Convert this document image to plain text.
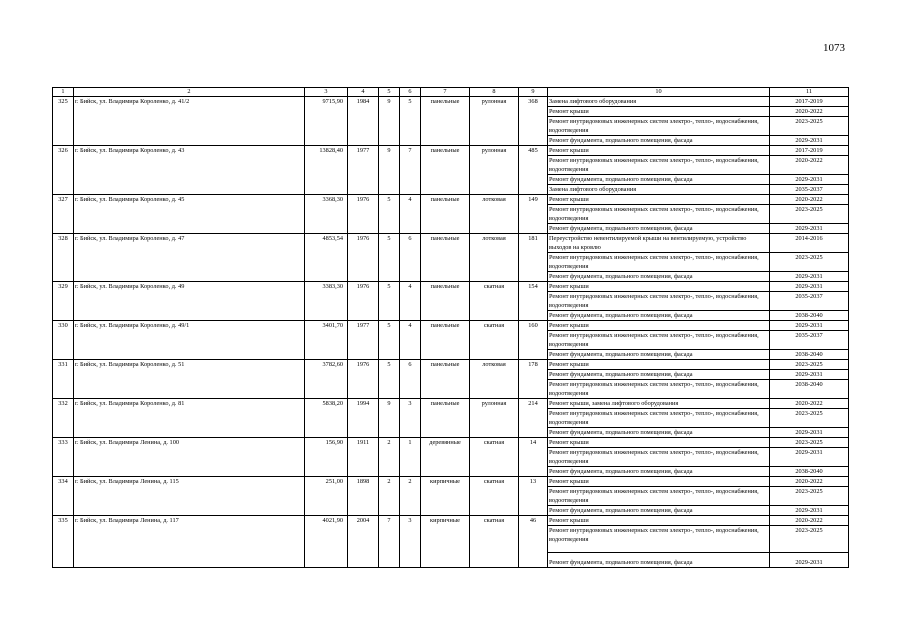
1073
1	2	3	4	5	6	7	8	9	10	11
325	г. Бийск, ул. Владимира Короленко, д. 41/2	9715,90	1984	9	5	панельные	рулонная	368	Замена лифтового оборудования	2017-2019
									Ремонт крыши	2020-2022
									Ремонт внутридомовых инженерных систем электро-, тепло-, водоснабжения, водоотведения	2023-2025
									Ремонт фундамента, подвального помещения, фасада	2029-2031
326	г. Бийск, ул. Владимира Короленко, д. 43	13828,40	1977	9	7	панельные	рулонная	485	Ремонт крыши	2017-2019
									Ремонт внутридомовых инженерных систем электро-, тепло-, водоснабжения, водоотведения	2020-2022
									Ремонт фундамента, подвального помещения, фасада	2029-2031
									Замена лифтового оборудования	2035-2037
327	г. Бийск, ул. Владимира Короленко, д. 45	3368,30	1976	5	4	панельные	лотковая	149	Ремонт крыши	2020-2022
									Ремонт внутридомовых инженерных систем электро-, тепло-, водоснабжения, водоотведения	2023-2025
									Ремонт фундамента, подвального помещения, фасада	2029-2031
328	г. Бийск, ул. Владимира Короленко, д. 47	4853,54	1976	5	6	панельные	лотковая	181	Переустройство невентилируемой крыши на вентилируемую, устройство выходов на кровлю	2014-2016
									Ремонт внутридомовых инженерных систем электро-, тепло-, водоснабжения, водоотведения	2023-2025
									Ремонт фундамента, подвального помещения, фасада	2029-2031
329	г. Бийск, ул. Владимира Короленко, д. 49	3383,30	1976	5	4	панельные	скатная	154	Ремонт крыши	2029-2031
									Ремонт внутридомовых инженерных систем электро-, тепло-, водоснабжения, водоотведения	2035-2037
									Ремонт фундамента, подвального помещения, фасада	2038-2040
330	г. Бийск, ул. Владимира Короленко, д. 49/1	3401,70	1977	5	4	панельные	скатная	160	Ремонт крыши	2029-2031
									Ремонт внутридомовых инженерных систем электро-, тепло-, водоснабжения, водоотведения	2035-2037
									Ремонт фундамента, подвального помещения, фасада	2038-2040
331	г. Бийск, ул. Владимира Короленко, д. 51	3782,60	1976	5	6	панельные	лотковая	178	Ремонт крыши	2023-2025
									Ремонт фундамента, подвального помещения, фасада	2029-2031
									Ремонт внутридомовых инженерных систем электро-, тепло-, водоснабжения, водоотведения	2038-2040
332	г. Бийск, ул. Владимира Короленко, д. 81	5838,20	1994	9	3	панельные	рулонная	214	Ремонт крыши, замена лифтового оборудования	2020-2022
									Ремонт внутридомовых инженерных систем электро-, тепло-, водоснабжения, водоотведения	2023-2025
									Ремонт фундамента, подвального помещения, фасада	2029-2031
333	г. Бийск, ул. Владимира Ленина, д. 100	156,90	1911	2	1	деревянные	скатная	14	Ремонт крыши	2023-2025
									Ремонт внутридомовых инженерных систем электро-, тепло-, водоснабжения, водоотведения	2029-2031
									Ремонт фундамента, подвального помещения, фасада	2038-2040
334	г. Бийск, ул. Владимира Ленина, д. 115	251,00	1898	2	2	кирпичные	скатная	13	Ремонт крыши	2020-2022
									Ремонт внутридомовых инженерных систем электро-, тепло-, водоснабжения, водоотведения	2023-2025
									Ремонт фундамента, подвального помещения, фасада	2029-2031
335	г. Бийск, ул. Владимира Ленина, д. 117	4021,90	2004	7	3	кирпичные	скатная	46	Ремонт крыши	2020-2022
									Ремонт внутридомовых инженерных систем электро-, тепло-, водоснабжения, водоотведения	2023-2025
									Ремонт фундамента, подвального помещения, фасада	2029-2031
